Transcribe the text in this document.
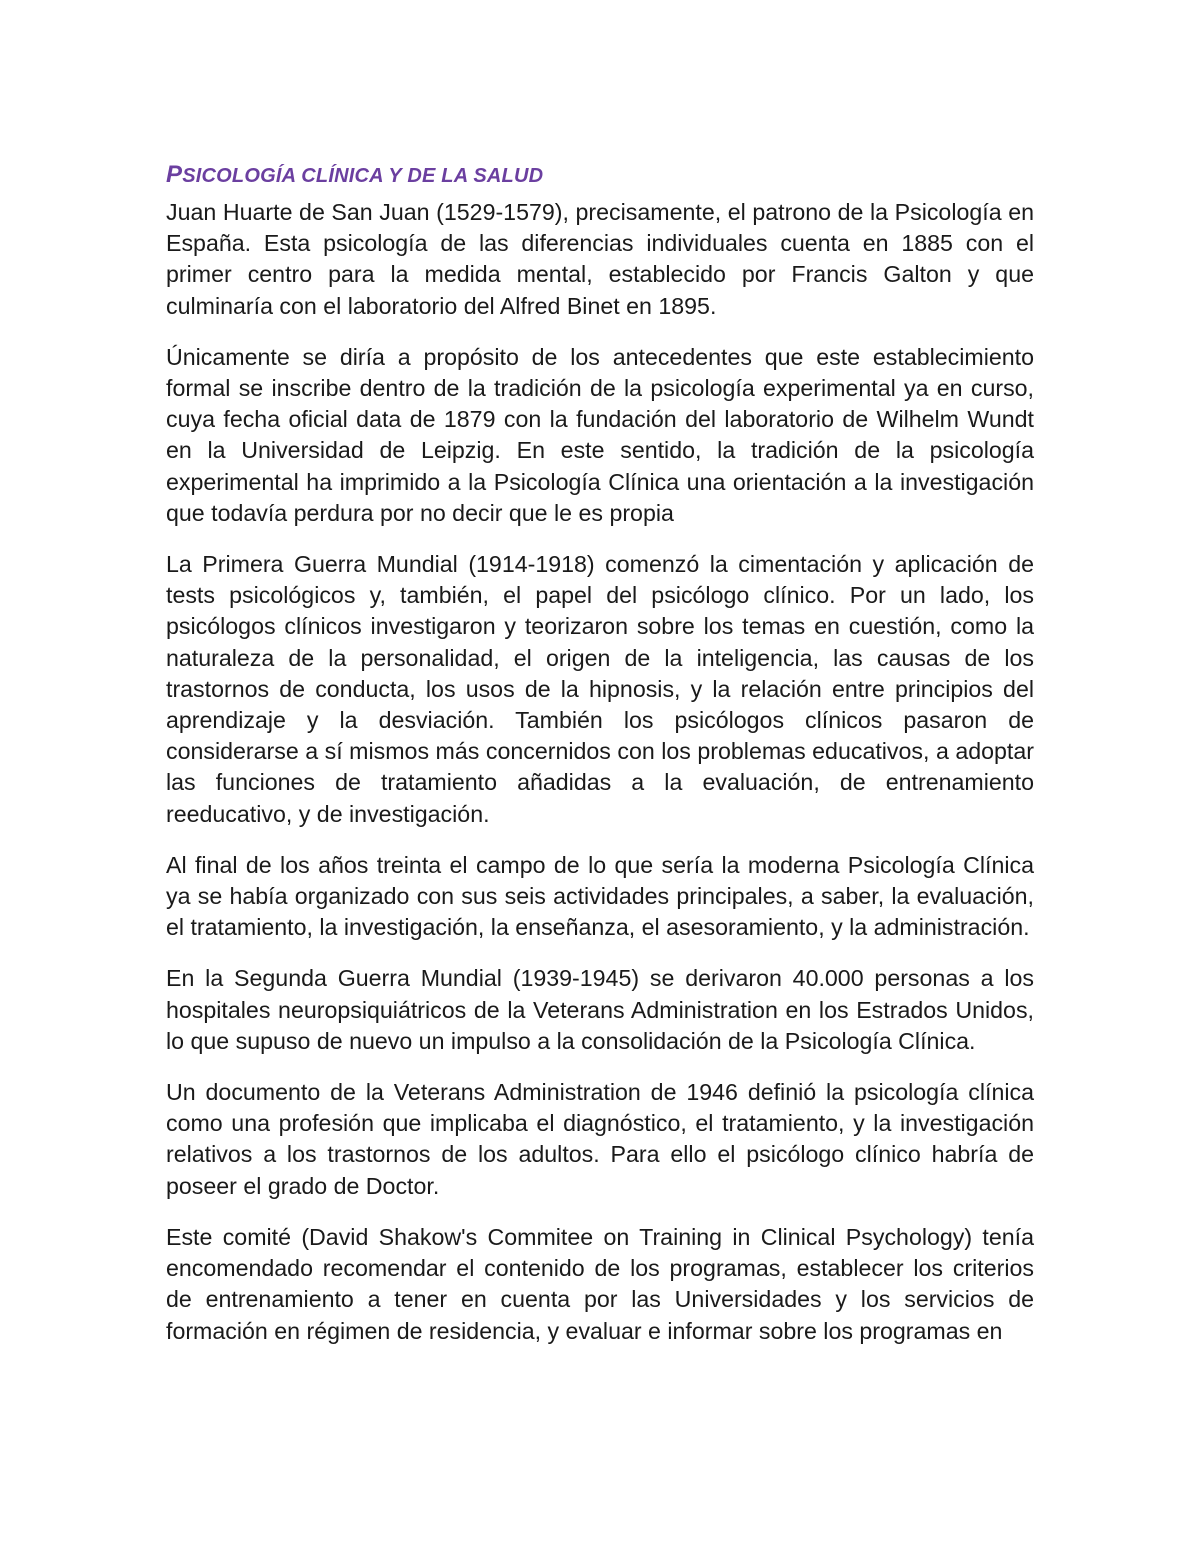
PSICOLOGÍA CLÍNICA Y DE LA SALUD

Juan Huarte de San Juan (1529-1579), precisamente, el patrono de la Psicología en España. Esta psicología de las diferencias individuales cuenta en 1885 con el primer centro para la medida mental, establecido por Francis Galton y que culminaría con el laboratorio del Alfred Binet en 1895.

Únicamente se diría a propósito de los antecedentes que este establecimiento formal se inscribe dentro de la tradición de la psicología experimental ya en curso, cuya fecha oficial data de 1879 con la fundación del laboratorio de Wilhelm Wundt en la Universidad de Leipzig. En este sentido, la tradición de la psicología experimental ha imprimido a la Psicología Clínica una orientación a la investigación que todavía perdura por no decir que le es propia

La Primera Guerra Mundial (1914-1918) comenzó la cimentación y aplicación de tests psicológicos y, también, el papel del psicólogo clínico. Por un lado, los psicólogos clínicos investigaron y teorizaron sobre los temas en cuestión, como la naturaleza de la personalidad, el origen de la inteligencia, las causas de los trastornos de conducta, los usos de la hipnosis, y la relación entre principios del aprendizaje y la desviación. También los psicólogos clínicos pasaron de considerarse a sí mismos más concernidos con los problemas educativos, a adoptar las funciones de tratamiento añadidas a la evaluación, de entrenamiento reeducativo, y de investigación.

Al final de los años treinta el campo de lo que sería la moderna Psicología Clínica ya se había organizado con sus seis actividades principales, a saber, la evaluación, el tratamiento, la investigación, la enseñanza, el asesoramiento, y la administración.

En la Segunda Guerra Mundial (1939-1945) se derivaron 40.000 personas a los hospitales neuropsiquiátricos de la Veterans Administration en los Estrados Unidos, lo que supuso de nuevo un impulso a la consolidación de la Psicología Clínica.

Un documento de la Veterans Administration de 1946 definió la psicología clínica como una profesión que implicaba el diagnóstico, el tratamiento, y la investigación relativos a los trastornos de los adultos. Para ello el psicólogo clínico habría de poseer el grado de Doctor.

Este comité (David Shakow's Commitee on Training in Clinical Psychology) tenía encomendado recomendar el contenido de los programas, establecer los criterios de entrenamiento a tener en cuenta por las Universidades y los servicios de formación en régimen de residencia, y evaluar e informar sobre los programas en
